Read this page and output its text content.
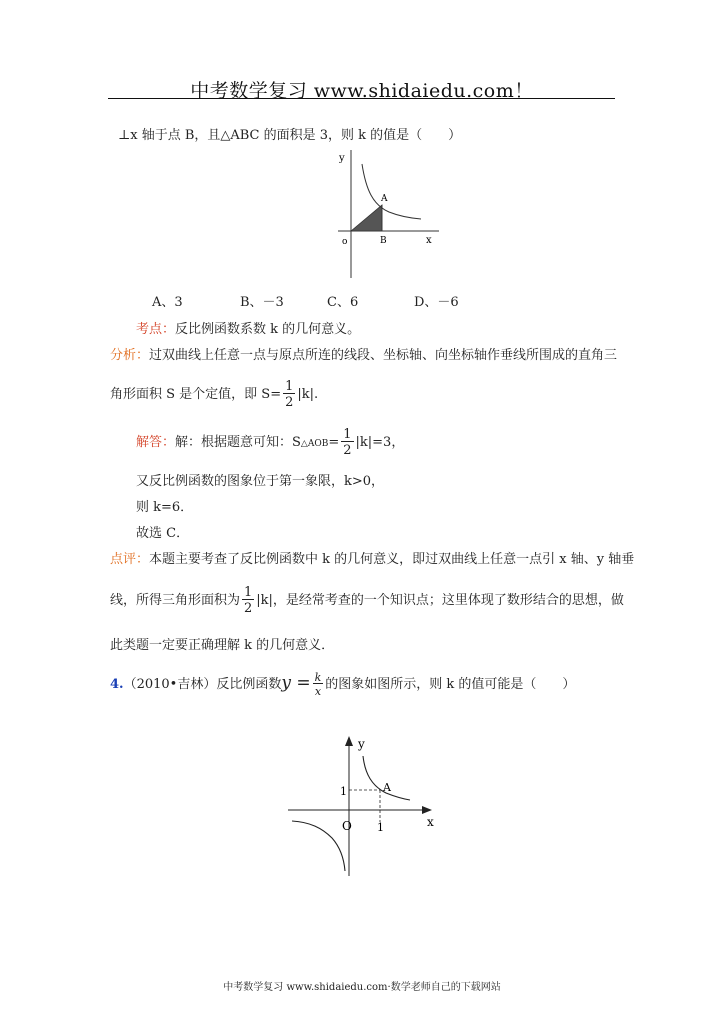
中考数学复习 www.shidaiedu.com！
⊥x 轴于点 B，且△ABC 的面积是 3，则 k 的值是（　　）
y
x
o
A
B
A、3	B、－3	C、6	D、－6
考点：反比例函数系数 k 的几何意义。
分析：过双曲线上任意一点与原点所连的线段、坐标轴、向坐标轴作垂线所围成的直角三
角形面积 S 是个定值，即 $S= \frac{1}{2} |k|$.
解答：解：根据题意可知：S△AOB= $\frac{1}{2} |k|=3$，
又反比例函数的图象位于第一象限，k>0，
则 k=6．
故选 C．
点评：本题主要考查了反比例函数中 k 的几何意义，即过双曲线上任意一点引 x 轴、y 轴垂
线，所得三角形面积为 $\frac{1}{2} |k|$，是经常考查的一个知识点；这里体现了数形结合的思想，做
此类题一定要正确理解 k 的几何意义．
4.（2010•吉林）反比例函数$y = \frac{k}{x}$ 的图象如图所示，则 k 的值可能是（　　）
y
x
O
1
1
A
中考数学复习 www.shidaiedu.com·数学老师自己的下载网站
